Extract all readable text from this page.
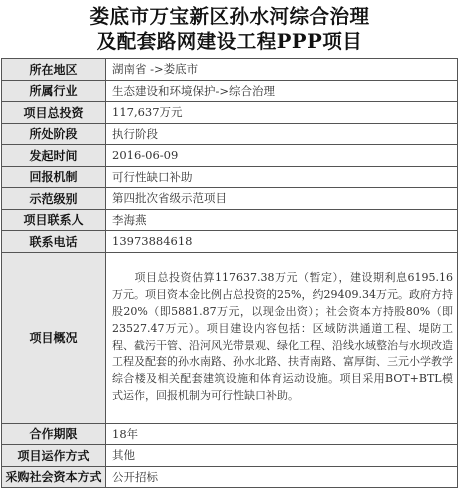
娄底市万宝新区孙水河综合治理
及配套路网建设工程PPP项目
所在地区	湖南省 ->娄底市
所属行业	生态建设和环境保护->综合治理
项目总投资	117,637万元
所处阶段	执行阶段
发起时间	2016-06-09
回报机制	可行性缺口补助
示范级别	第四批次省级示范项目
项目联系人	李海燕
联系电话	13973884618
项目概况	项目总投资估算117637.38万元（暂定），建设期利息6195.16万元。项目资本金比例占总投资的25%，约29409.34万元。政府方持股20%（即5881.87万元，以现金出资）；社会资本方持股80%（即23527.47万元）。项目建设内容包括：区域防洪通道工程、堤防工程、截污干管、沿河风光带景观、绿化工程、沿线水域整治与水坝改造工程及配套的孙水南路、孙水北路、扶青南路、富厚街、三元小学教学综合楼及相关配套建筑设施和体育运动设施。项目采用BOT+BTL模式运作，回报机制为可行性缺口补助。
合作期限	18年
项目运作方式	其他
采购社会资本方式	公开招标
